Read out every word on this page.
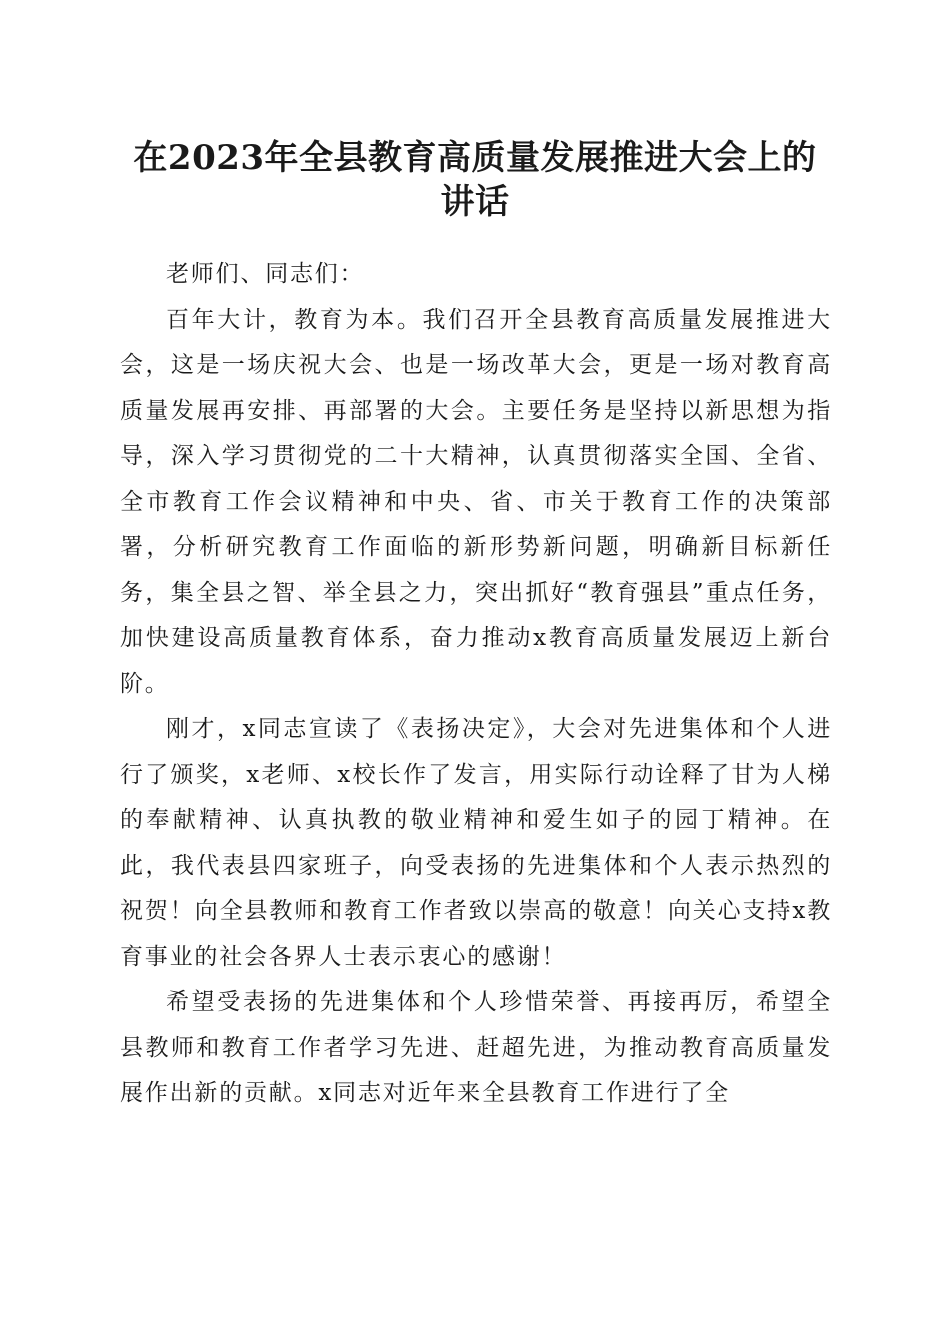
在2023年全县教育高质量发展推进大会上的
讲话

老师们、同志们：

百年大计，教育为本。我们召开全县教育高质量发展推进大会，这是一场庆祝大会、也是一场改革大会，更是一场对教育高质量发展再安排、再部署的大会。主要任务是坚持以新思想为指导，深入学习贯彻党的二十大精神，认真贯彻落实全国、全省、全市教育工作会议精神和中央、省、市关于教育工作的决策部署，分析研究教育工作面临的新形势新问题，明确新目标新任务，集全县之智、举全县之力，突出抓好“教育强县”重点任务，加快建设高质量教育体系，奋力推动x教育高质量发展迈上新台阶。

刚才，x同志宣读了《表扬决定》，大会对先进集体和个人进行了颁奖，x老师、x校长作了发言，用实际行动诠释了甘为人梯的奉献精神、认真执教的敬业精神和爱生如子的园丁精神。在此，我代表县四家班子，向受表扬的先进集体和个人表示热烈的祝贺！向全县教师和教育工作者致以崇高的敬意！向关心支持x教育事业的社会各界人士表示衷心的感谢！

希望受表扬的先进集体和个人珍惜荣誉、再接再厉，希望全县教师和教育工作者学习先进、赶超先进，为推动教育高质量发展作出新的贡献。x同志对近年来全县教育工作进行了全
